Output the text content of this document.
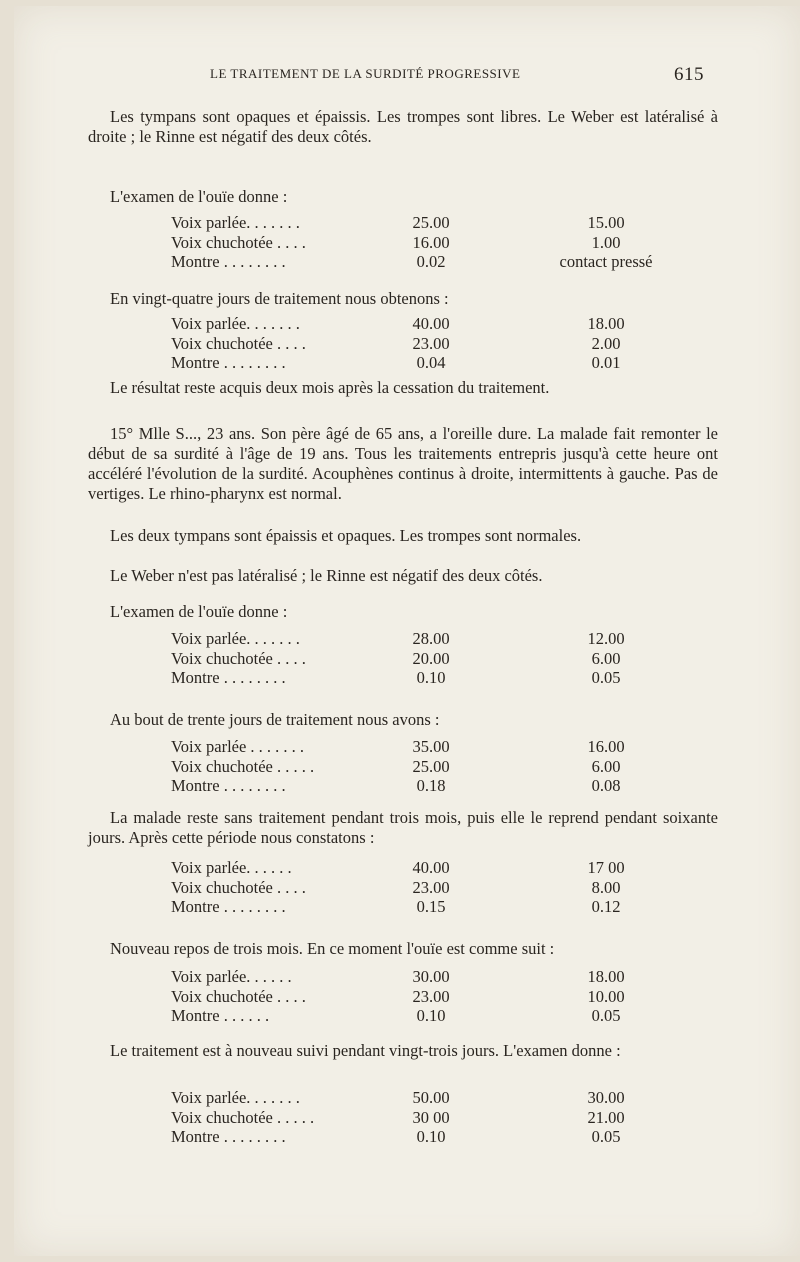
LE TRAITEMENT DE LA SURDITÉ PROGRESSIVE	615
Les tympans sont opaques et épaissis. Les trompes sont libres. Le Weber est latéralisé à droite ; le Rinne est négatif des deux côtés.
L'examen de l'ouïe donne :
Voix parlée. . . . . . .	25.00	15.00
Voix chuchotée . . . .	16.00	1.00
Montre . . . . . . . .	0.02	contact pressé
En vingt-quatre jours de traitement nous obtenons :
Voix parlée. . . . . . .	40.00	18.00
Voix chuchotée . . . .	23.00	2.00
Montre . . . . . . . .	0.04	0.01
Le résultat reste acquis deux mois après la cessation du traitement.
15° Mlle S..., 23 ans. Son père âgé de 65 ans, a l'oreille dure. La malade fait remonter le début de sa surdité à l'âge de 19 ans. Tous les traitements entrepris jusqu'à cette heure ont accéléré l'évolution de la surdité. Acouphènes continus à droite, intermittents à gauche. Pas de vertiges. Le rhino-pharynx est normal.
Les deux tympans sont épaissis et opaques. Les trompes sont normales.
Le Weber n'est pas latéralisé ; le Rinne est négatif des deux côtés.
L'examen de l'ouïe donne :
Voix parlée. . . . . . .	28.00	12.00
Voix chuchotée . . . .	20.00	6.00
Montre . . . . . . . .	0.10	0.05
Au bout de trente jours de traitement nous avons :
Voix parlée . . . . . . .	35.00	16.00
Voix chuchotée . . . . .	25.00	6.00
Montre . . . . . . . .	0.18	0.08
La malade reste sans traitement pendant trois mois, puis elle le reprend pendant soixante jours. Après cette période nous constatons :
Voix parlée. . . . . .	40.00	17 00
Voix chuchotée . . . .	23.00	8.00
Montre . . . . . . . .	0.15	0.12
Nouveau repos de trois mois. En ce moment l'ouïe est comme suit :
Voix parlée. . . . . .	30.00	18.00
Voix chuchotée . . . .	23.00	10.00
Montre . . . . . .	0.10	0.05
Le traitement est à nouveau suivi pendant vingt-trois jours. L'examen donne :
Voix parlée. . . . . . .	50.00	30.00
Voix chuchotée . . . . .	30 00	21.00
Montre . . . . . . . .	0.10	0.05
